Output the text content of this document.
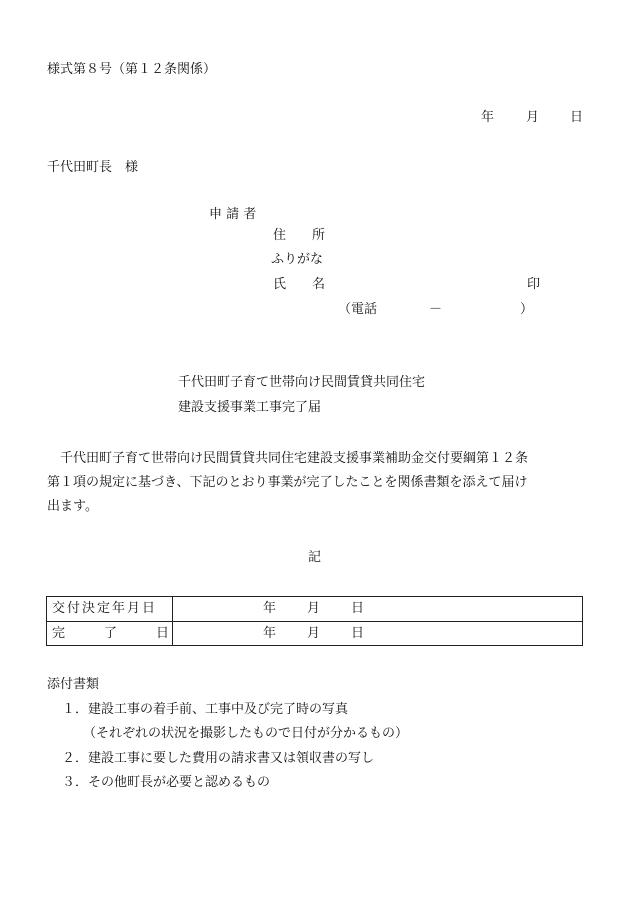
様式第８号（第１２条関係）
年 月 日
千代田町長　様
申 請 者
住　　所
ふりがな
氏　　名	印
（電話　　　　－　　　　　　）
千代田町子育て世帯向け民間賃貸共同住宅
建設支援事業工事完了届
千代田町子育て世帯向け民間賃貸共同住宅建設支援事業補助金交付要綱第１２条
第１項の規定に基づき、下記のとおり事業が完了したことを関係書類を添えて届け
出ます。
記
交付決定年月日	年 月 日
完　　　了　　　日	年 月 日
添付書類
１．建設工事の着手前、工事中及び完了時の写真
（それぞれの状況を撮影したもので日付が分かるもの）
２．建設工事に要した費用の請求書又は領収書の写し
３．その他町長が必要と認めるもの
